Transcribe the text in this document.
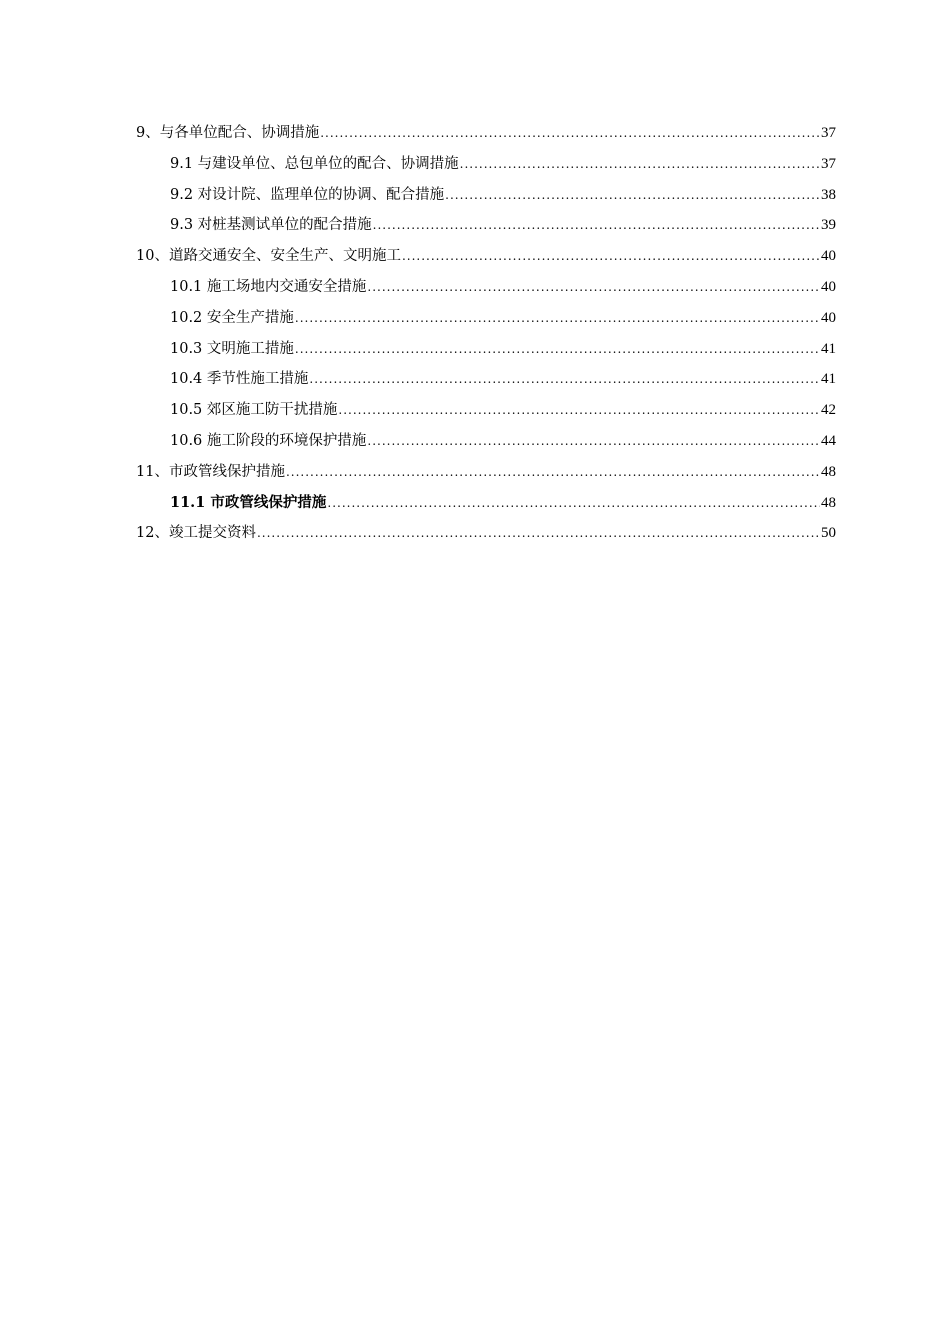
9、与各单位配合、协调措施 .....	37
9.1 与建设单位、总包单位的配合、协调措施 .....	37
9.2 对设计院、监理单位的协调、配合措施 .....	38
9.3 对桩基测试单位的配合措施 .....	39
10、道路交通安全、安全生产、文明施工 .....	40
10.1 施工场地内交通安全措施 .....	40
10.2 安全生产措施 .....	40
10.3 文明施工措施 .....	41
10.4 季节性施工措施 .....	41
10.5 郊区施工防干扰措施 .....	42
10.6 施工阶段的环境保护措施 .....	44
11、市政管线保护措施 .....	48
11.1 市政管线保护措施 .....	48
12、竣工提交资料 .....	50
